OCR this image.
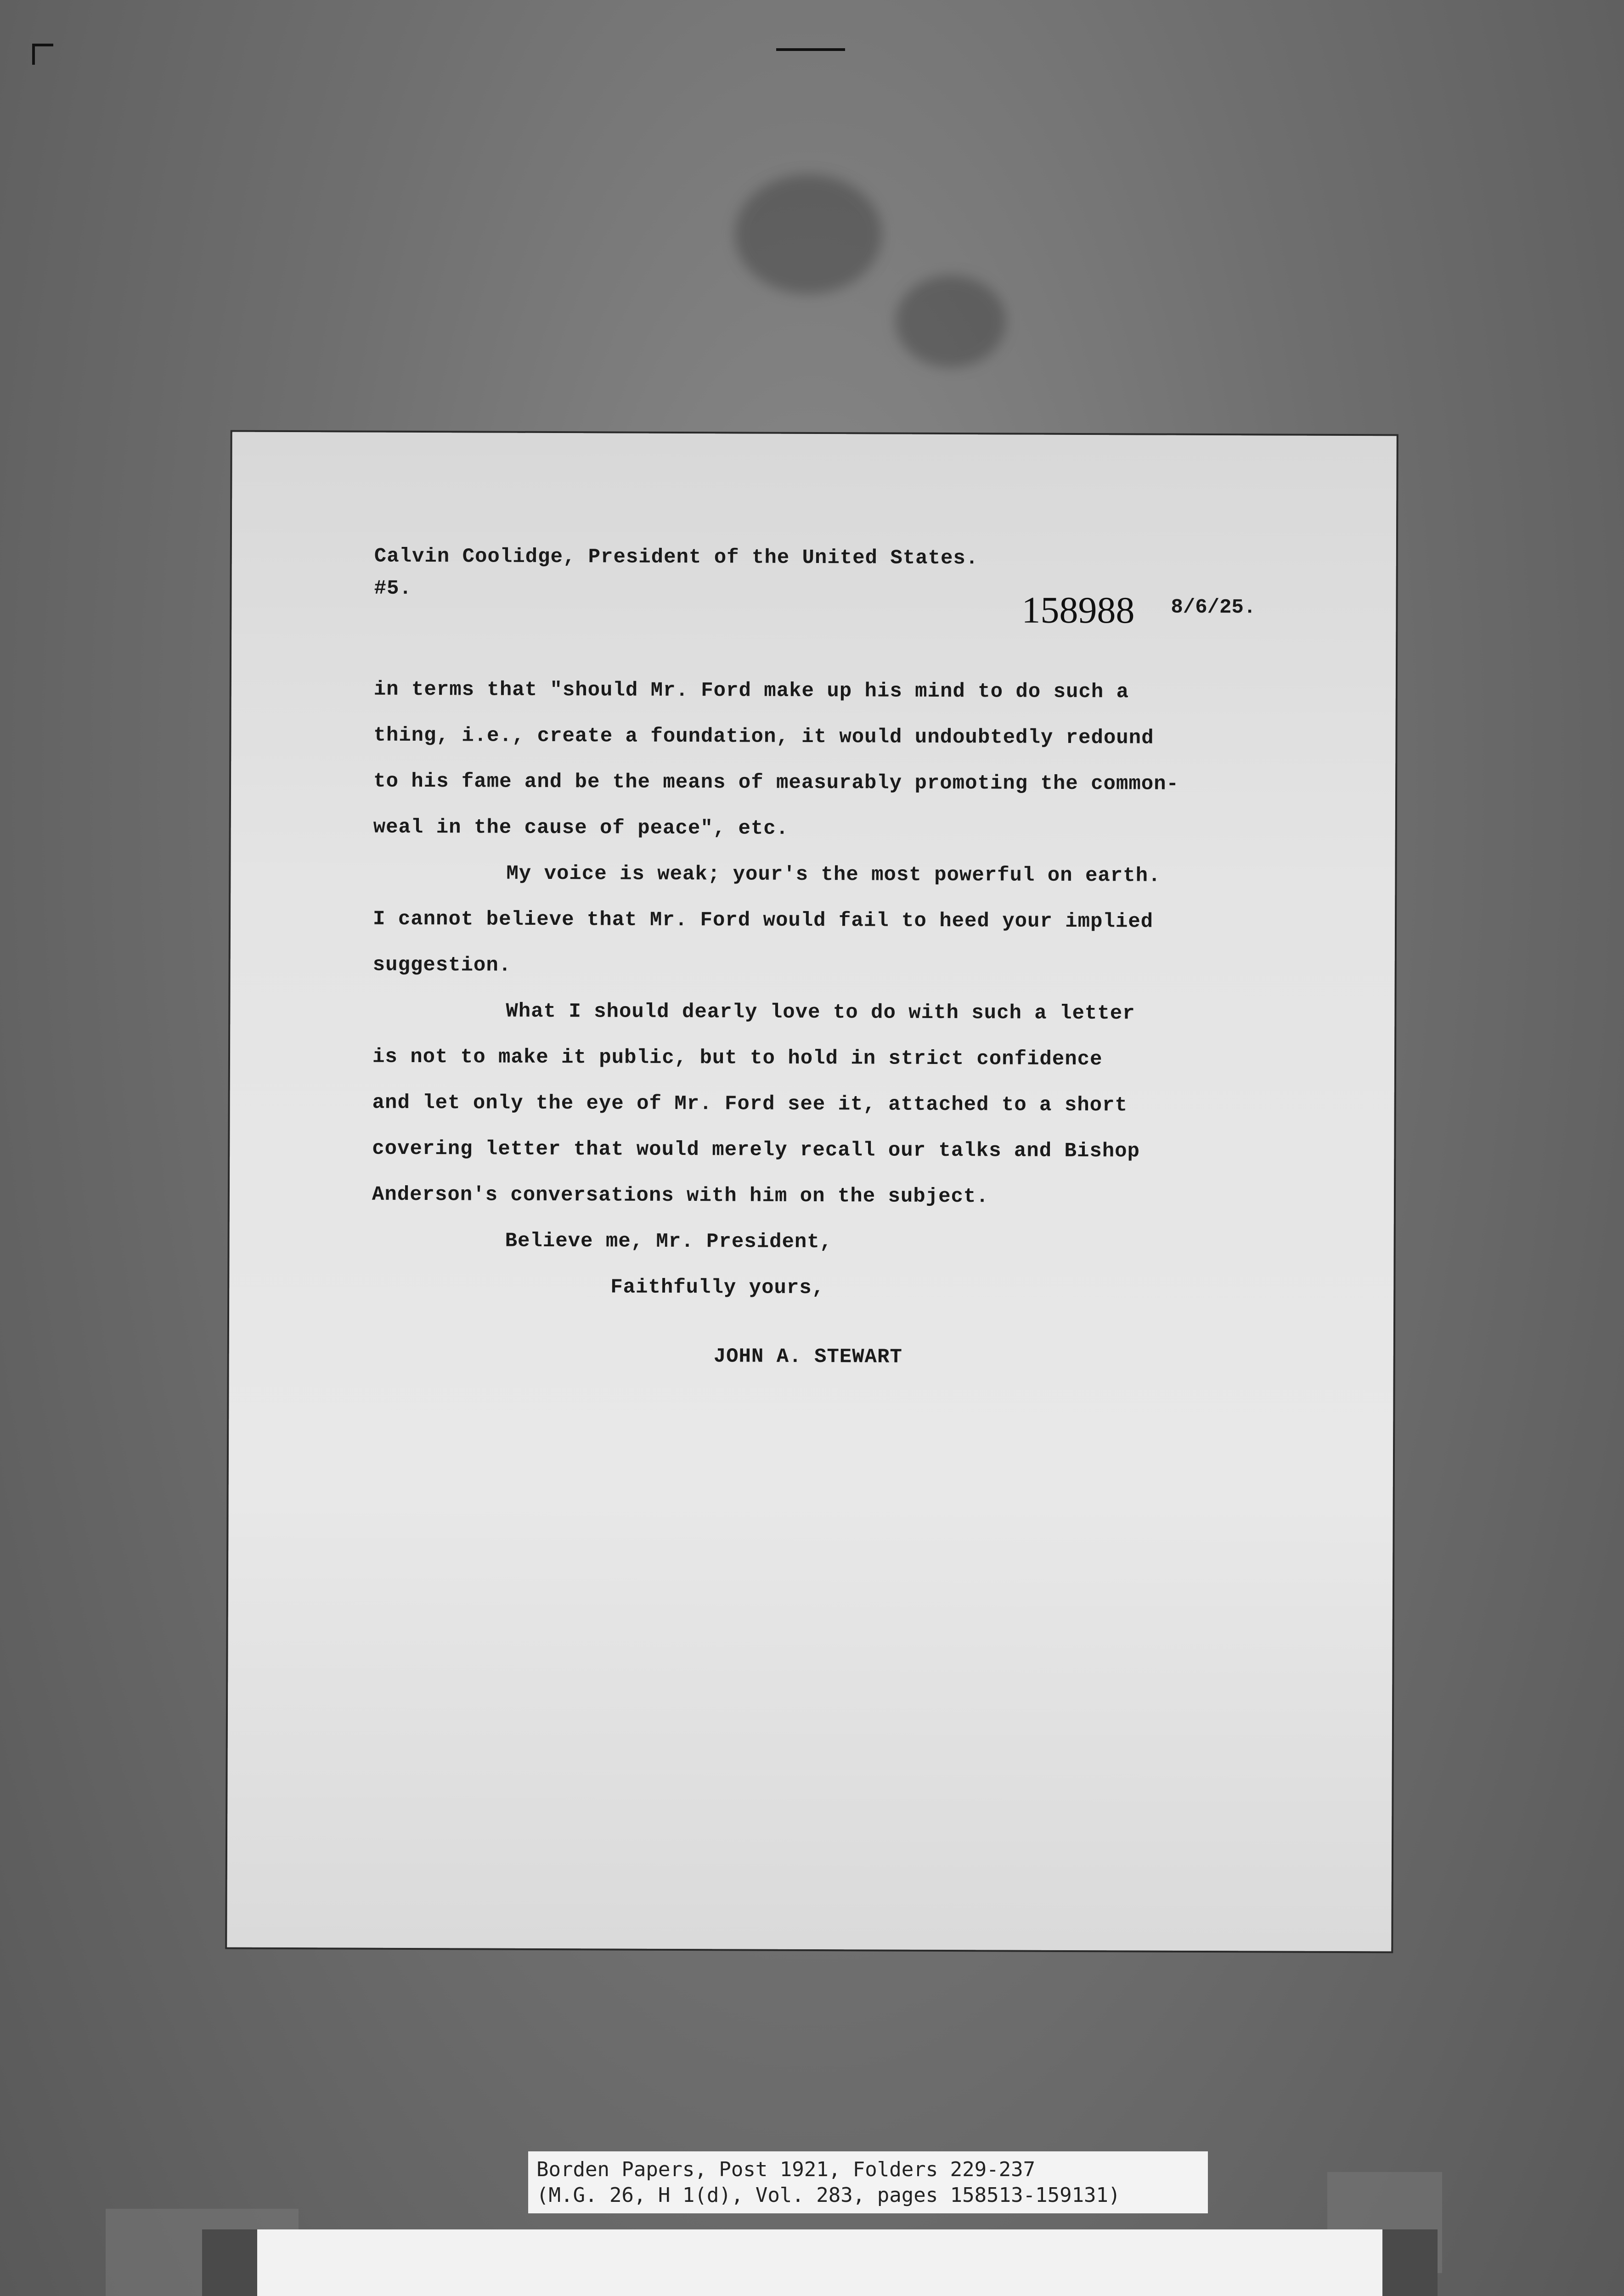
Calvin Coolidge, President of the United States.
#5.
in terms that "should Mr. Ford make up his mind to do such a
thing, i.e., create a foundation, it would undoubtedly redound
to his fame and be the means of measurably promoting the common-
weal in the cause of peace", etc.
My voice is weak; your's the most powerful on earth.
I cannot believe that Mr. Ford would fail to heed your implied
suggestion.
What I should dearly love to do with such a letter
is not to make it public, but to hold in strict confidence
and let only the eye of Mr. Ford see it, attached to a short
covering letter that would merely recall our talks and Bishop
Anderson's conversations with him on the subject.
Believe me, Mr. President,
Faithfully yours,
JOHN A. STEWART
158988 8/6/25.
Borden Papers, Post 1921, Folders 229-237
(M.G. 26, H 1(d), Vol. 283, pages 158513-159131)
